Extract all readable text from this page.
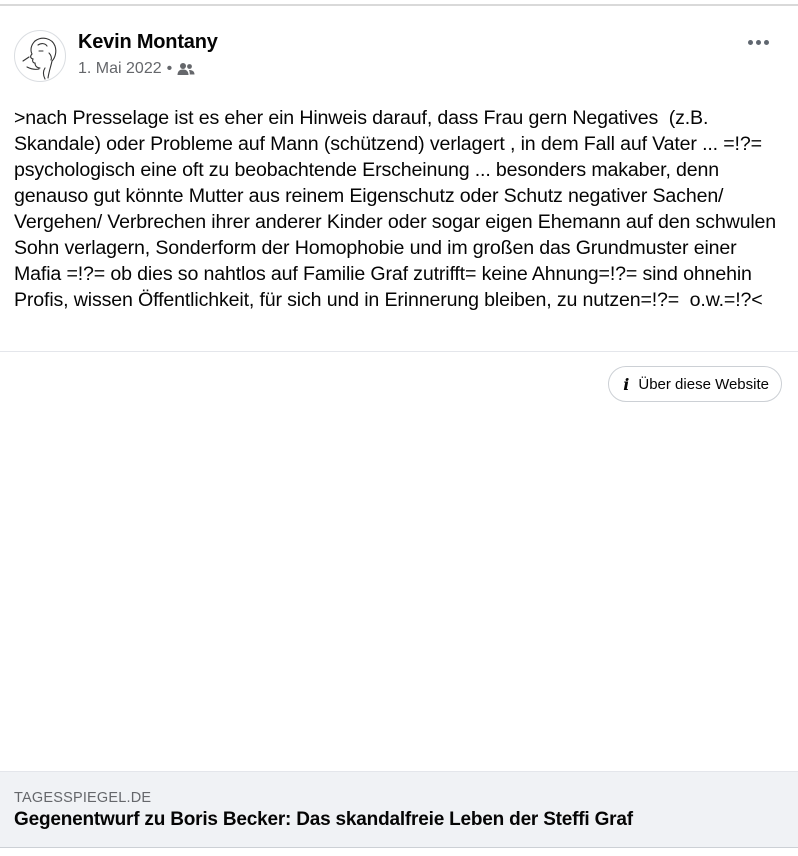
Kevin Montany
1. Mai 2022 •
>nach Presselage ist es eher ein Hinweis darauf, dass Frau gern Negatives  (z.B. Skandale) oder Probleme auf Mann (schützend) verlagert , in dem Fall auf Vater ... =!?= psychologisch eine oft zu beobachtende Erscheinung ... besonders makaber, denn  genauso gut könnte Mutter aus reinem Eigenschutz oder Schutz negativer Sachen/ Vergehen/ Verbrechen ihrer anderer Kinder oder sogar eigen Ehemann auf den schwulen Sohn verlagern, Sonderform der Homophobie und im großen das Grundmuster einer Mafia =!?= ob dies so nahtlos auf Familie Graf zutrifft= keine Ahnung=!?= sind ohnehin Profis, wissen Öffentlichkeit, für sich und in Erinnerung bleiben, zu nutzen=!?=  o.w.=!?<
i Über diese Website
TAGESSPIEGEL.DE
Gegenentwurf zu Boris Becker: Das skandalfreie Leben der Steffi Graf
